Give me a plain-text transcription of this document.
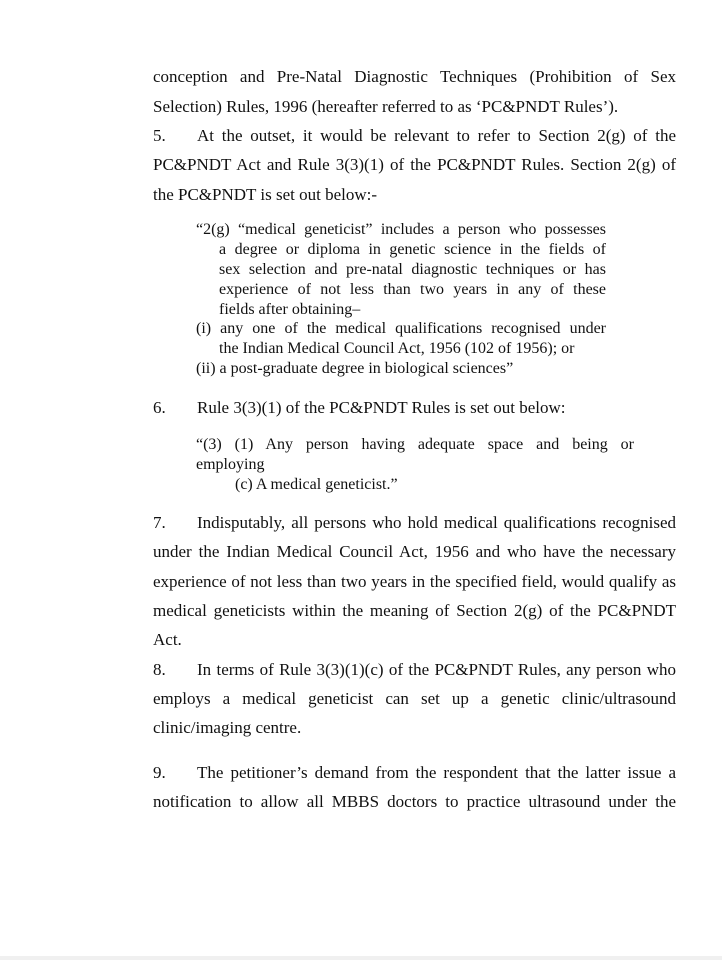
conception and Pre-Natal Diagnostic Techniques (Prohibition of Sex
Selection) Rules, 1996 (hereafter referred to as ‘PC&PNDT Rules’).
5. At the outset, it would be relevant to refer to Section 2(g) of the
PC&PNDT Act and Rule 3(3)(1) of the PC&PNDT Rules. Section 2(g) of
the PC&PNDT is set out below:-
“2(g) “medical geneticist” includes a person who possesses
a degree or diploma in genetic science in the fields of
sex selection and pre-natal diagnostic techniques or has
experience of not less than two years in any of these
fields after obtaining–
(i) any one of the medical qualifications recognised under
the Indian Medical Council Act, 1956 (102 of 1956); or
(ii) a post-graduate degree in biological sciences”
6. Rule 3(3)(1) of the PC&PNDT Rules is set out below:
“(3) (1) Any person having adequate space and being or
employing
(c) A medical geneticist.”
7. Indisputably, all persons who hold medical qualifications recognised
under the Indian Medical Council Act, 1956 and who have the necessary
experience of not less than two years in the specified field, would qualify as
medical geneticists within the meaning of Section 2(g) of the PC&PNDT
Act.
8. In terms of Rule 3(3)(1)(c) of the PC&PNDT Rules, any person who
employs a medical geneticist can set up a genetic clinic/ultrasound
clinic/imaging centre.
9. The petitioner’s demand from the respondent that the latter issue a
notification to allow all MBBS doctors to practice ultrasound under the
